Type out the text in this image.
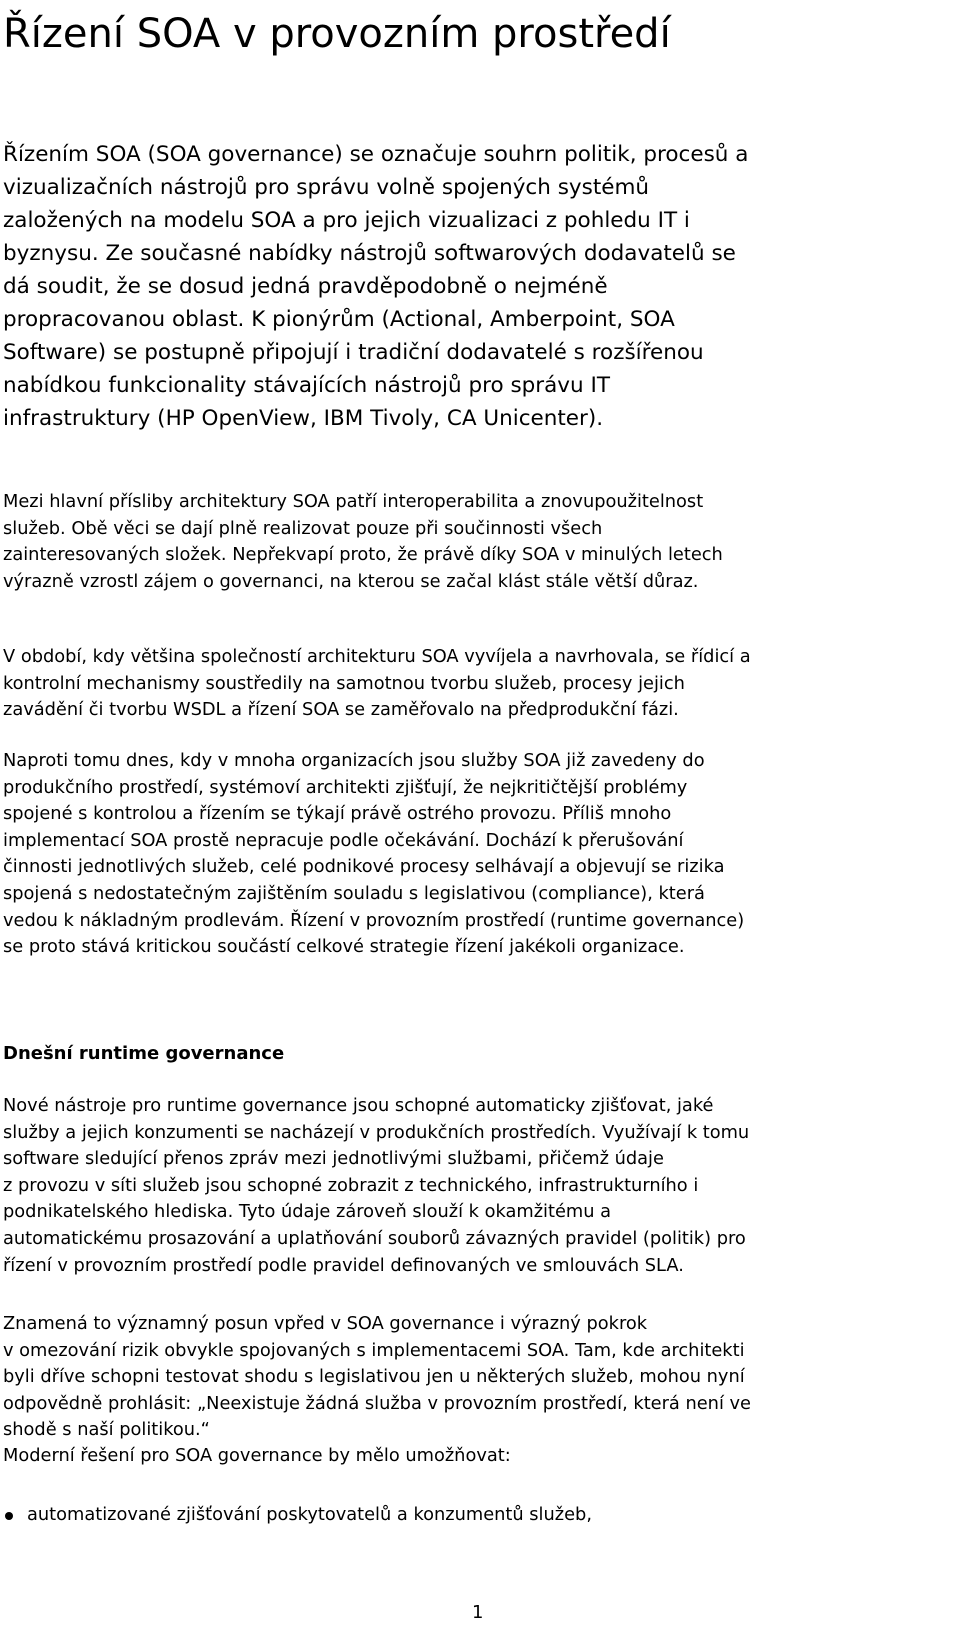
Řízení SOA v provozním prostředí

Řízením SOA (SOA governance) se označuje souhrn politik, procesů a
vizualizačních nástrojů pro správu volně spojených systémů
založených na modelu SOA a pro jejich vizualizaci z pohledu IT i
byznysu. Ze současné nabídky nástrojů softwarových dodavatelů se
dá soudit, že se dosud jedná pravděpodobně o nejméně
propracovanou oblast. K pionýrům (Actional, Amberpoint, SOA
Software) se postupně připojují i tradiční dodavatelé s rozšířenou
nabídkou funkcionality stávajících nástrojů pro správu IT
infrastruktury (HP OpenView, IBM Tivoly, CA Unicenter).

Mezi hlavní přísliby architektury SOA patří interoperabilita a znovupoužitelnost
služeb. Obě věci se dají plně realizovat pouze při součinnosti všech
zainteresovaných složek. Nepřekvapí proto, že právě díky SOA v minulých letech
výrazně vzrostl zájem o governanci, na kterou se začal klást stále větší důraz.

V období, kdy většina společností architekturu SOA vyvíjela a navrhovala, se řídicí a
kontrolní mechanismy soustředily na samotnou tvorbu služeb, procesy jejich
zavádění či tvorbu WSDL a řízení SOA se zaměřovalo na předprodukční fázi.

Naproti tomu dnes, kdy v mnoha organizacích jsou služby SOA již zavedeny do
produkčního prostředí, systémoví architekti zjišťují, že nejkritičtější problémy
spojené s kontrolou a řízením se týkají právě ostrého provozu. Příliš mnoho
implementací SOA prostě nepracuje podle očekávání. Dochází k přerušování
činnosti jednotlivých služeb, celé podnikové procesy selhávají a objevují se rizika
spojená s nedostatečným zajištěním souladu s legislativou (compliance), která
vedou k nákladným prodlevám. Řízení v provozním prostředí (runtime governance)
se proto stává kritickou součástí celkové strategie řízení jakékoli organizace.

Dnešní runtime governance

Nové nástroje pro runtime governance jsou schopné automaticky zjišťovat, jaké
služby a jejich konzumenti se nacházejí v produkčních prostředích. Využívají k tomu
software sledující přenos zpráv mezi jednotlivými službami, přičemž údaje
z provozu v síti služeb jsou schopné zobrazit z technického, infrastrukturního i
podnikatelského hlediska. Tyto údaje zároveň slouží k okamžitému a
automatickému prosazování a uplatňování souborů závazných pravidel (politik) pro
řízení v provozním prostředí podle pravidel definovaných ve smlouvách SLA.

Znamená to významný posun vpřed v SOA governance i výrazný pokrok
v omezování rizik obvykle spojovaných s implementacemi SOA. Tam, kde architekti
byli dříve schopni testovat shodu s legislativou jen u některých služeb, mohou nyní
odpovědně prohlásit: „Neexistuje žádná služba v provozním prostředí, která není ve
shodě s naší politikou.“

Moderní řešení pro SOA governance by mělo umožňovat:

automatizované zjišťování poskytovatelů a konzumentů služeb,
1
